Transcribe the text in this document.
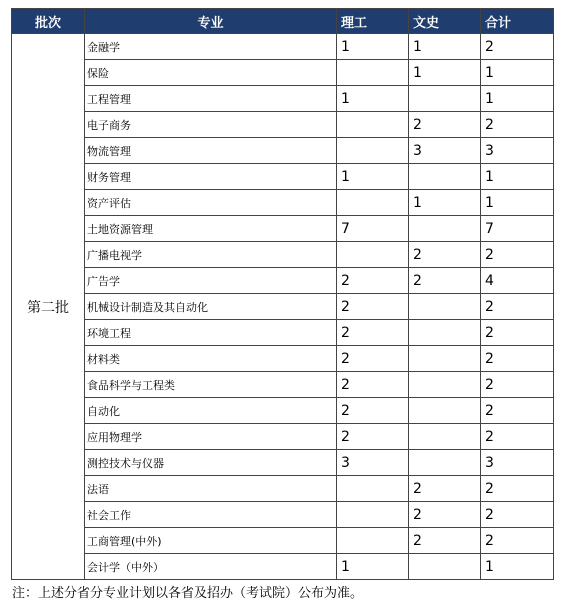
批次	专业	理工	文史	合计
第二批	金融学	1	1	2
	保险		1	1
	工程管理	1		1
	电子商务		2	2
	物流管理		3	3
	财务管理	1		1
	资产评估		1	1
	土地资源管理	7		7
	广播电视学		2	2
	广告学	2	2	4
	机械设计制造及其自动化	2		2
	环境工程	2		2
	材料类	2		2
	食品科学与工程类	2		2
	自动化	2		2
	应用物理学	2		2
	测控技术与仪器	3		3
	法语		2	2
	社会工作		2	2
	工商管理(中外)		2	2
	会计学（中外）	1		1
注：上述分省分专业计划以各省及招办（考试院）公布为准。
